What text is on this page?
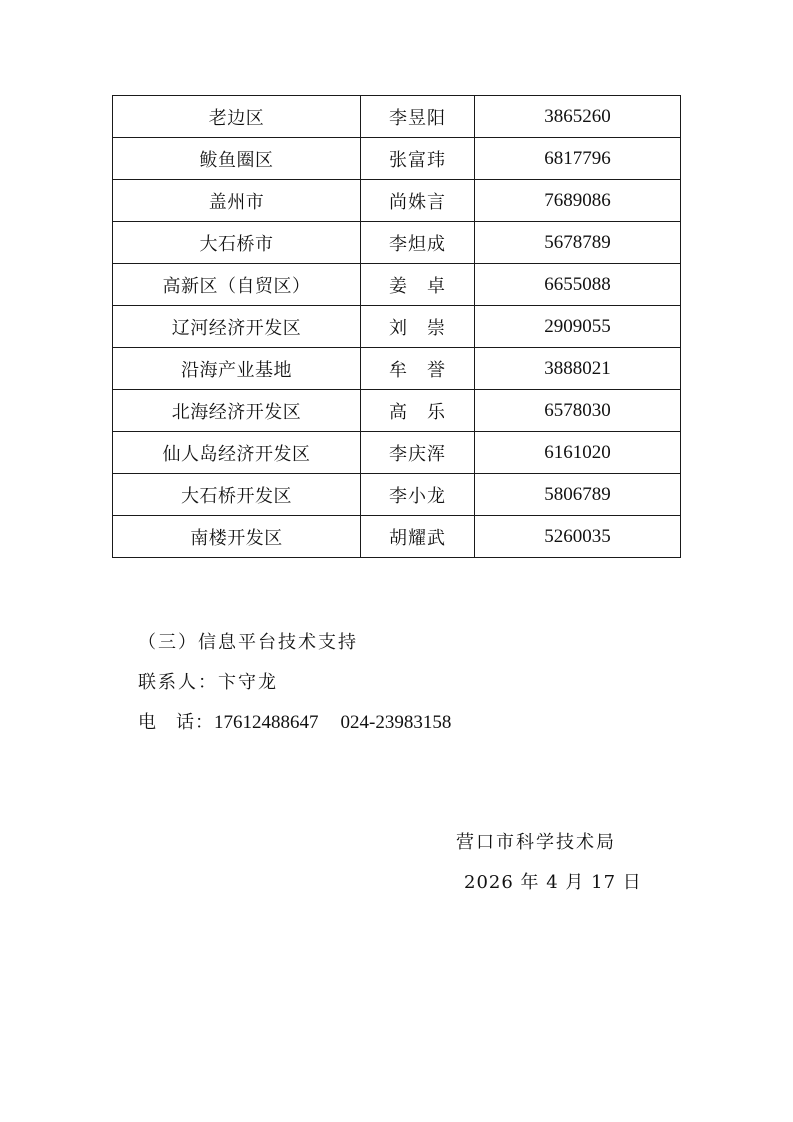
老边区	李昱阳	3865260
鲅鱼圈区	张富玮	6817796
盖州市	尚姝言	7689086
大石桥市	李炟成	5678789
高新区（自贸区）	姜　卓	6655088
辽河经济开发区	刘　崇	2909055
沿海产业基地	牟　誉	3888021
北海经济开发区	高　乐	6578030
仙人岛经济开发区	李庆浑	6161020
大石桥开发区	李小龙	5806789
南楼开发区	胡耀武	5260035
（三）信息平台技术支持
联系人：卞守龙
电　话：17612488647 024-23983158
营口市科学技术局
2026 年 4 月 17 日
